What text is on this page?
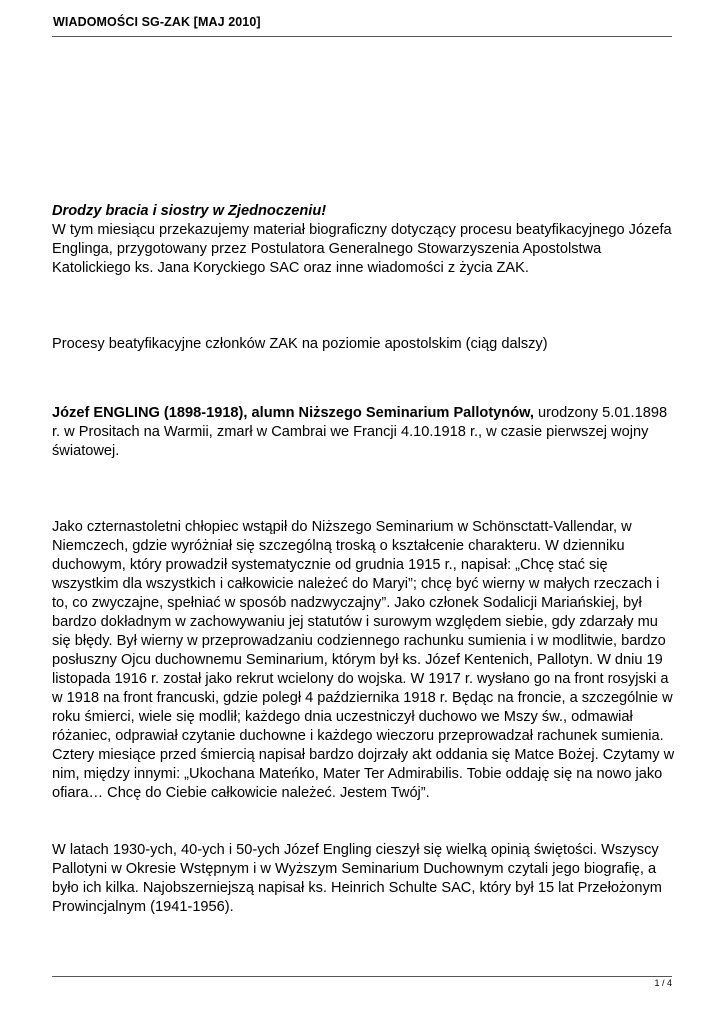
WIADOMOŚCI SG-ZAK [MAJ 2010]

Drodzy bracia i siostry w Zjednoczeniu!

W tym miesiącu przekazujemy materiał biograficzny dotyczący procesu beatyfikacyjnego Józefa Englinga, przygotowany przez Postulatora Generalnego Stowarzyszenia Apostolstwa Katolickiego ks. Jana Koryckiego SAC oraz inne wiadomości z życia ZAK.

Procesy beatyfikacyjne członków ZAK na poziomie apostolskim (ciąg dalszy)

Józef ENGLING (1898-1918), alumn Niższego Seminarium Pallotynów, urodzony 5.01.1898 r. w Prositach na Warmii, zmarł w Cambrai we Francji 4.10.1918 r., w czasie pierwszej wojny światowej.

Jako czternastoletni chłopiec wstąpił do Niższego Seminarium w Schönsctatt-Vallendar, w Niemczech, gdzie wyróżniał się szczególną troską o kształcenie charakteru. W dzienniku duchowym, który prowadził systematycznie od grudnia 1915 r., napisał: „Chcę stać się wszystkim dla wszystkich i całkowicie należeć do Maryi”; chcę być wierny w małych rzeczach i to, co zwyczajne, spełniać w sposób nadzwyczajny”. Jako członek Sodalicji Mariańskiej, był bardzo dokładnym w zachowywaniu jej statutów i surowym względem siebie, gdy zdarzały mu się błędy. Był wierny w przeprowadzaniu codziennego rachunku sumienia i w modlitwie, bardzo posłuszny Ojcu duchownemu Seminarium, którym był ks. Józef Kentenich, Pallotyn. W dniu 19 listopada 1916 r. został jako rekrut wcielony do wojska. W 1917 r. wysłano go na front rosyjski a w 1918 na front francuski, gdzie poległ 4 października 1918 r. Będąc na froncie, a szczególnie w roku śmierci, wiele się modlił; każdego dnia uczestniczył duchowo we Mszy św., odmawiał różaniec, odprawiał czytanie duchowne i każdego wieczoru przeprowadzał rachunek sumienia. Cztery miesiące przed śmiercią napisał bardzo dojrzały akt oddania się Matce Bożej. Czytamy w nim, między innymi: „Ukochana Mateńko, Mater Ter Admirabilis. Tobie oddaję się na nowo jako ofiara… Chcę do Ciebie całkowicie należeć. Jestem Twój”.

W latach 1930-ych, 40-ych i 50-ych Józef Engling cieszył się wielką opinią świętości. Wszyscy Pallotyni w Okresie Wstępnym i w Wyższym Seminarium Duchownym czytali jego biografię, a było ich kilka. Najobszerniejszą napisał ks. Heinrich Schulte SAC, który był 15 lat Przełożonym Prowincjalnym (1941-1956).

1 / 4
